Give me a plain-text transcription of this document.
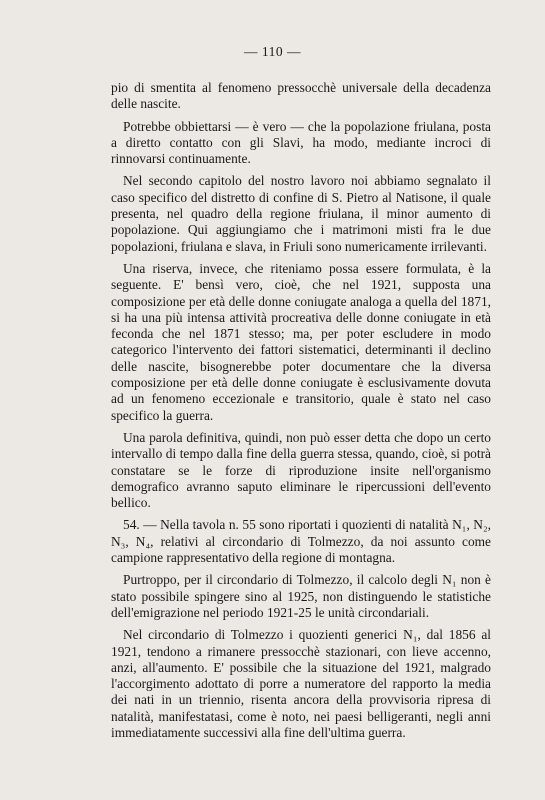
— 110 —

pio di smentita al fenomeno pressocchè universale della decadenza delle nascite.

Potrebbe obbiettarsi — è vero — che la popolazione friulana, posta a diretto contatto con gli Slavi, ha modo, mediante incroci di rinnovarsi continuamente.

Nel secondo capitolo del nostro lavoro noi abbiamo segnalato il caso specifico del distretto di confine di S. Pietro al Natisone, il quale presenta, nel quadro della regione friulana, il minor aumento di popolazione. Qui aggiungiamo che i matrimoni misti fra le due popolazioni, friulana e slava, in Friuli sono numericamente irrilevanti.

Una riserva, invece, che riteniamo possa essere formulata, è la seguente. E' bensì vero, cioè, che nel 1921, supposta una composizione per età delle donne coniugate analoga a quella del 1871, si ha una più intensa attività procreativa delle donne coniugate in età feconda che nel 1871 stesso; ma, per poter escludere in modo categorico l'intervento dei fattori sistematici, determinanti il declino delle nascite, bisognerebbe poter documentare che la diversa composizione per età delle donne coniugate è esclusivamente dovuta ad un fenomeno eccezionale e transitorio, quale è stato nel caso specifico la guerra.

Una parola definitiva, quindi, non può esser detta che dopo un certo intervallo di tempo dalla fine della guerra stessa, quando, cioè, si potrà constatare se le forze di riproduzione insite nell'organismo demografico avranno saputo eliminare le ripercussioni dell'evento bellico.

54. — Nella tavola n. 55 sono riportati i quozienti di natalità N₁, N₂, N₃, N₄, relativi al circondario di Tolmezzo, da noi assunto come campione rappresentativo della regione di montagna.

Purtroppo, per il circondario di Tolmezzo, il calcolo degli N₁ non è stato possibile spingere sino al 1925, non distinguendo le statistiche dell'emigrazione nel periodo 1921-25 le unità circondariali.

Nel circondario di Tolmezzo i quozienti generici N₁, dal 1856 al 1921, tendono a rimanere pressocchè stazionari, con lieve accenno, anzi, all'aumento. E' possibile che la situazione del 1921, malgrado l'accorgimento adottato di porre a numeratore del rapporto la media dei nati in un triennio, risenta ancora della provvisoria ripresa di natalità, manifestatasi, come è noto, nei paesi belligeranti, negli anni immediatamente successivi alla fine dell'ultima guerra.
